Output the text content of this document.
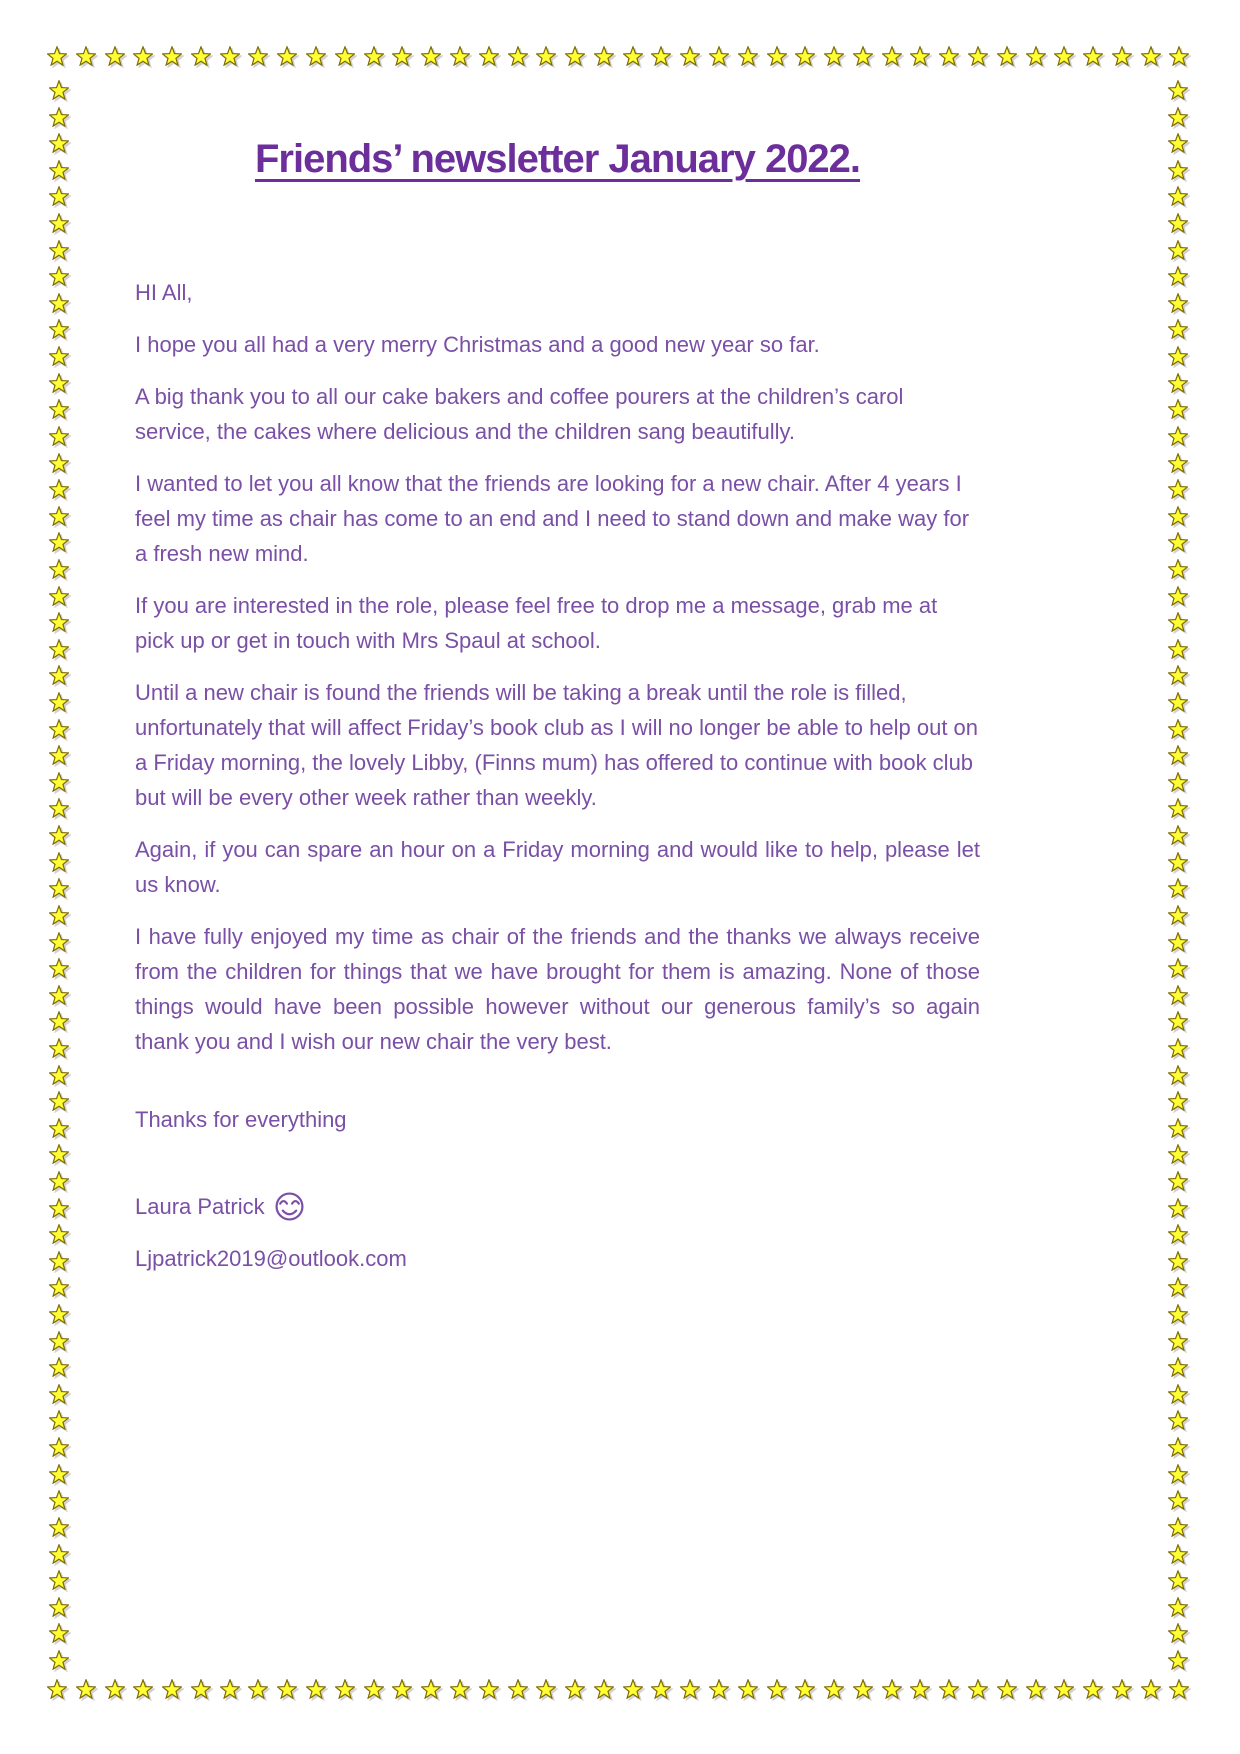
Friends’ newsletter January 2022.

HI All,

I hope you all had a very merry Christmas and a good new year so far.

A big thank you to all our cake bakers and coffee pourers at the children’s carol service, the cakes where delicious and the children sang beautifully.

I wanted to let you all know that the friends are looking for a new chair. After 4 years I feel my time as chair has come to an end and I need to stand down and make way for a fresh new mind.

If you are interested in the role, please feel free to drop me a message, grab me at pick up or get in touch with Mrs Spaul at school.

Until a new chair is found the friends will be taking a break until the role is filled, unfortunately that will affect Friday’s book club as I will no longer be able to help out on a Friday morning, the lovely Libby, (Finns mum) has offered to continue with book club but will be every other week rather than weekly.

Again, if you can spare an hour on a Friday morning and would like to help, please let us know.

I have fully enjoyed my time as chair of the friends and the thanks we always receive from the children for things that we have brought for them is amazing. None of those things would have been possible however without our generous family’s so again thank you and I wish our new chair the very best.

Thanks for everything

Laura Patrick

Ljpatrick2019@outlook.com
